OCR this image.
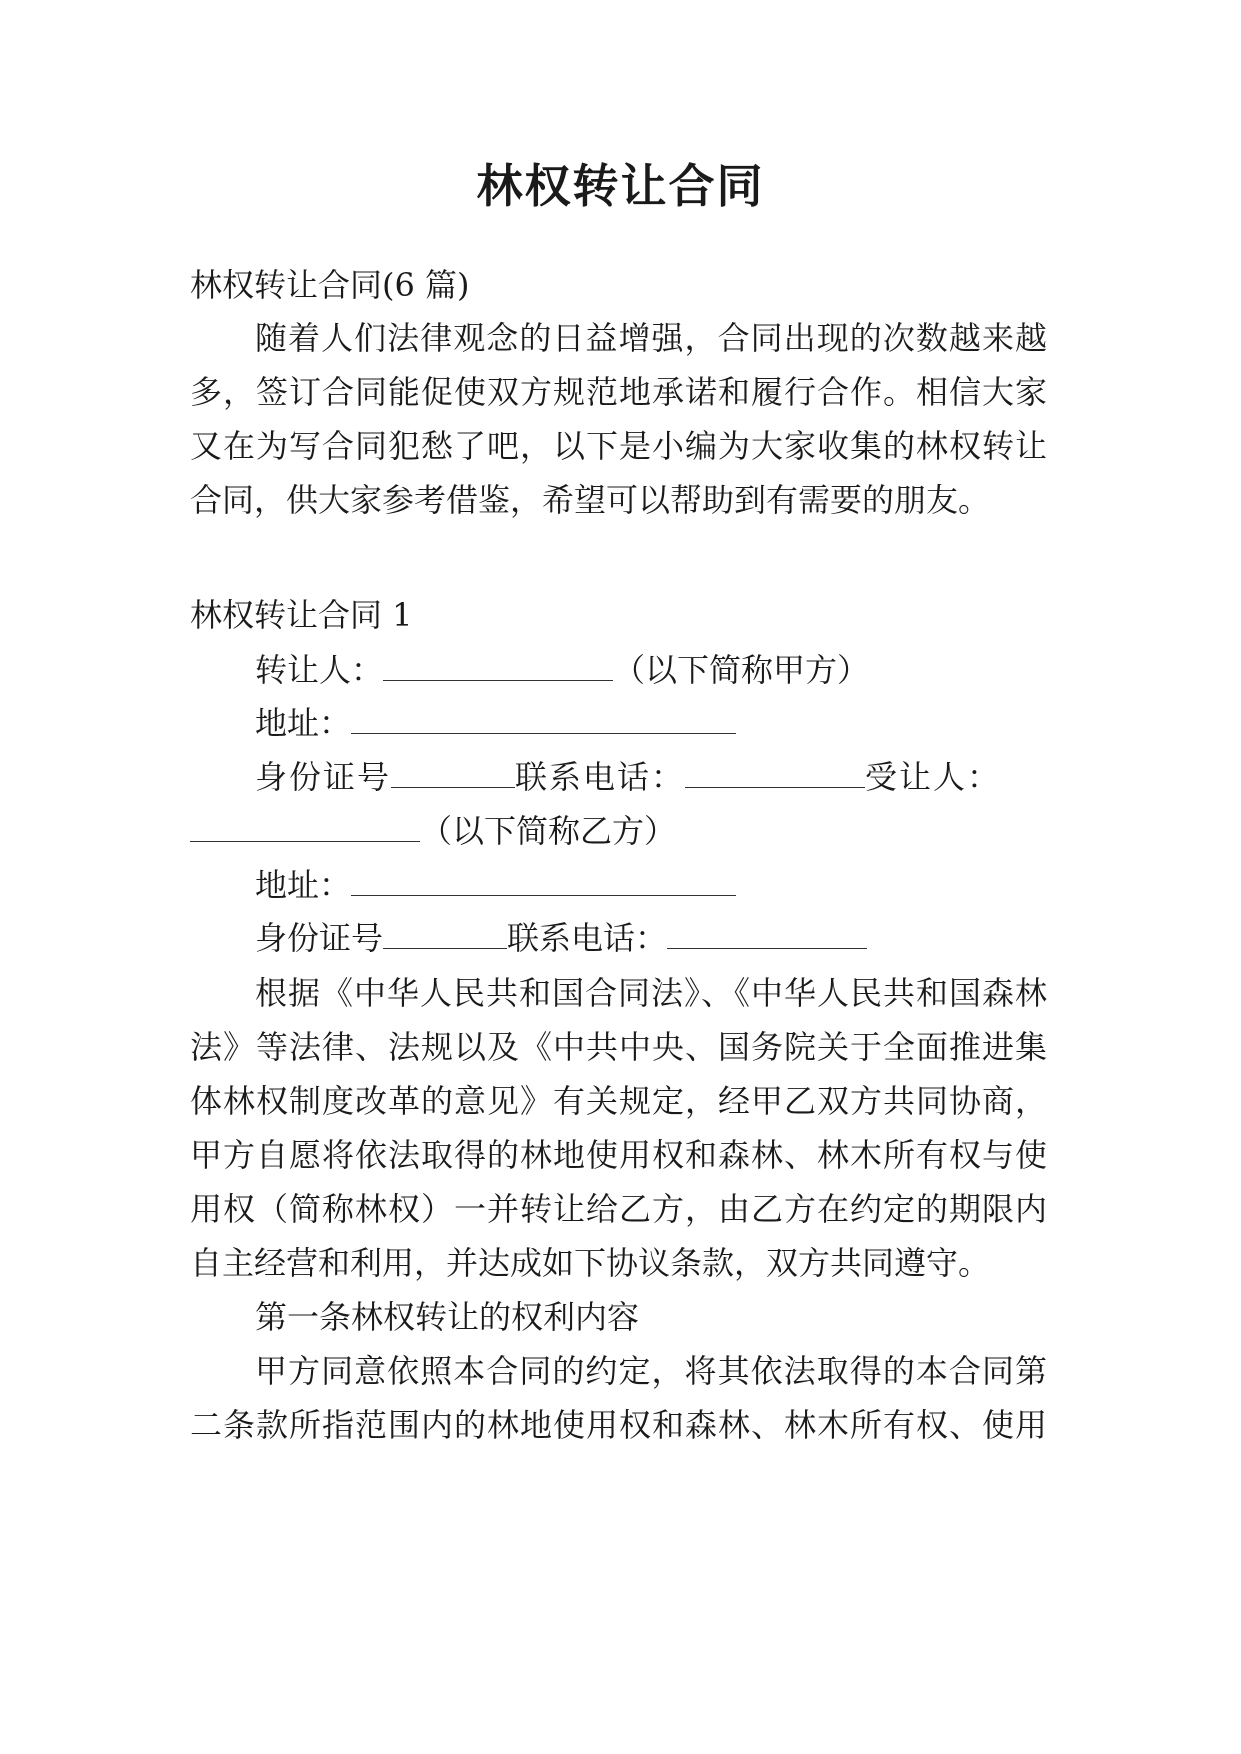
林权转让合同

林权转让合同(6 篇)

随着人们法律观念的日益增强，合同出现的次数越来越

多，签订合同能促使双方规范地承诺和履行合作。相信大家

又在为写合同犯愁了吧，以下是小编为大家收集的林权转让

合同，供大家参考借鉴，希望可以帮助到有需要的朋友。

林权转让合同 1

转让人：	（以下简称甲方）

地址：

身份证号	联系电话：	受让人：

（以下简称乙方）

地址：

身份证号	联系电话：

根据《中华人民共和国合同法》、《中华人民共和国森林

法》等法律、法规以及《中共中央、国务院关于全面推进集

体林权制度改革的意见》有关规定，经甲乙双方共同协商，

甲方自愿将依法取得的林地使用权和森林、林木所有权与使

用权（简称林权）一并转让给乙方，由乙方在约定的期限内

自主经营和利用，并达成如下协议条款，双方共同遵守。

第一条林权转让的权利内容

甲方同意依照本合同的约定，将其依法取得的本合同第

二条款所指范围内的林地使用权和森林、林木所有权、使用
